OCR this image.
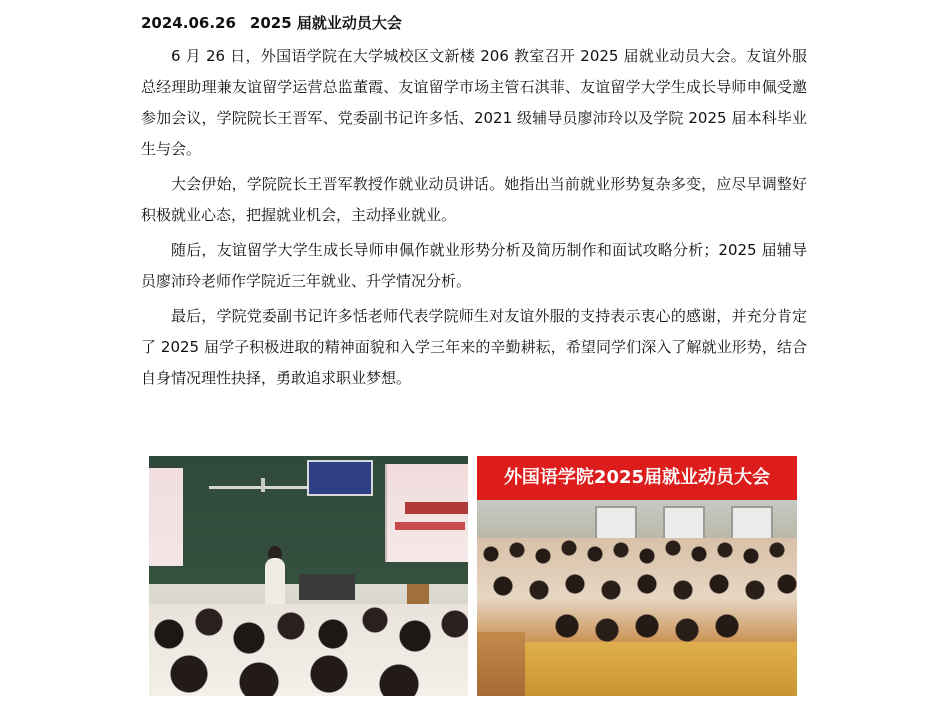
2024.06.26 2025 届就业动员大会

6 月 26 日，外国语学院在大学城校区文新楼 206 教室召开 2025 届就业动员大会。友谊外服总经理助理兼友谊留学运营总监董霞、友谊留学市场主管石淇菲、友谊留学大学生成长导师申佩受邀参加会议，学院院长王晋军、党委副书记许多恬、2021 级辅导员廖沛玲以及学院 2025 届本科毕业生与会。

大会伊始，学院院长王晋军教授作就业动员讲话。她指出当前就业形势复杂多变，应尽早调整好积极就业心态，把握就业机会，主动择业就业。

随后，友谊留学大学生成长导师申佩作就业形势分析及简历制作和面试攻略分析；2025 届辅导员廖沛玲老师作学院近三年就业、升学情况分析。

最后，学院党委副书记许多恬老师代表学院师生对友谊外服的支持表示衷心的感谢，并充分肯定了 2025 届学子积极进取的精神面貌和入学三年来的辛勤耕耘，希望同学们深入了解就业形势，结合自身情况理性抉择，勇敢追求职业梦想。

外国语学院2025届就业动员大会
